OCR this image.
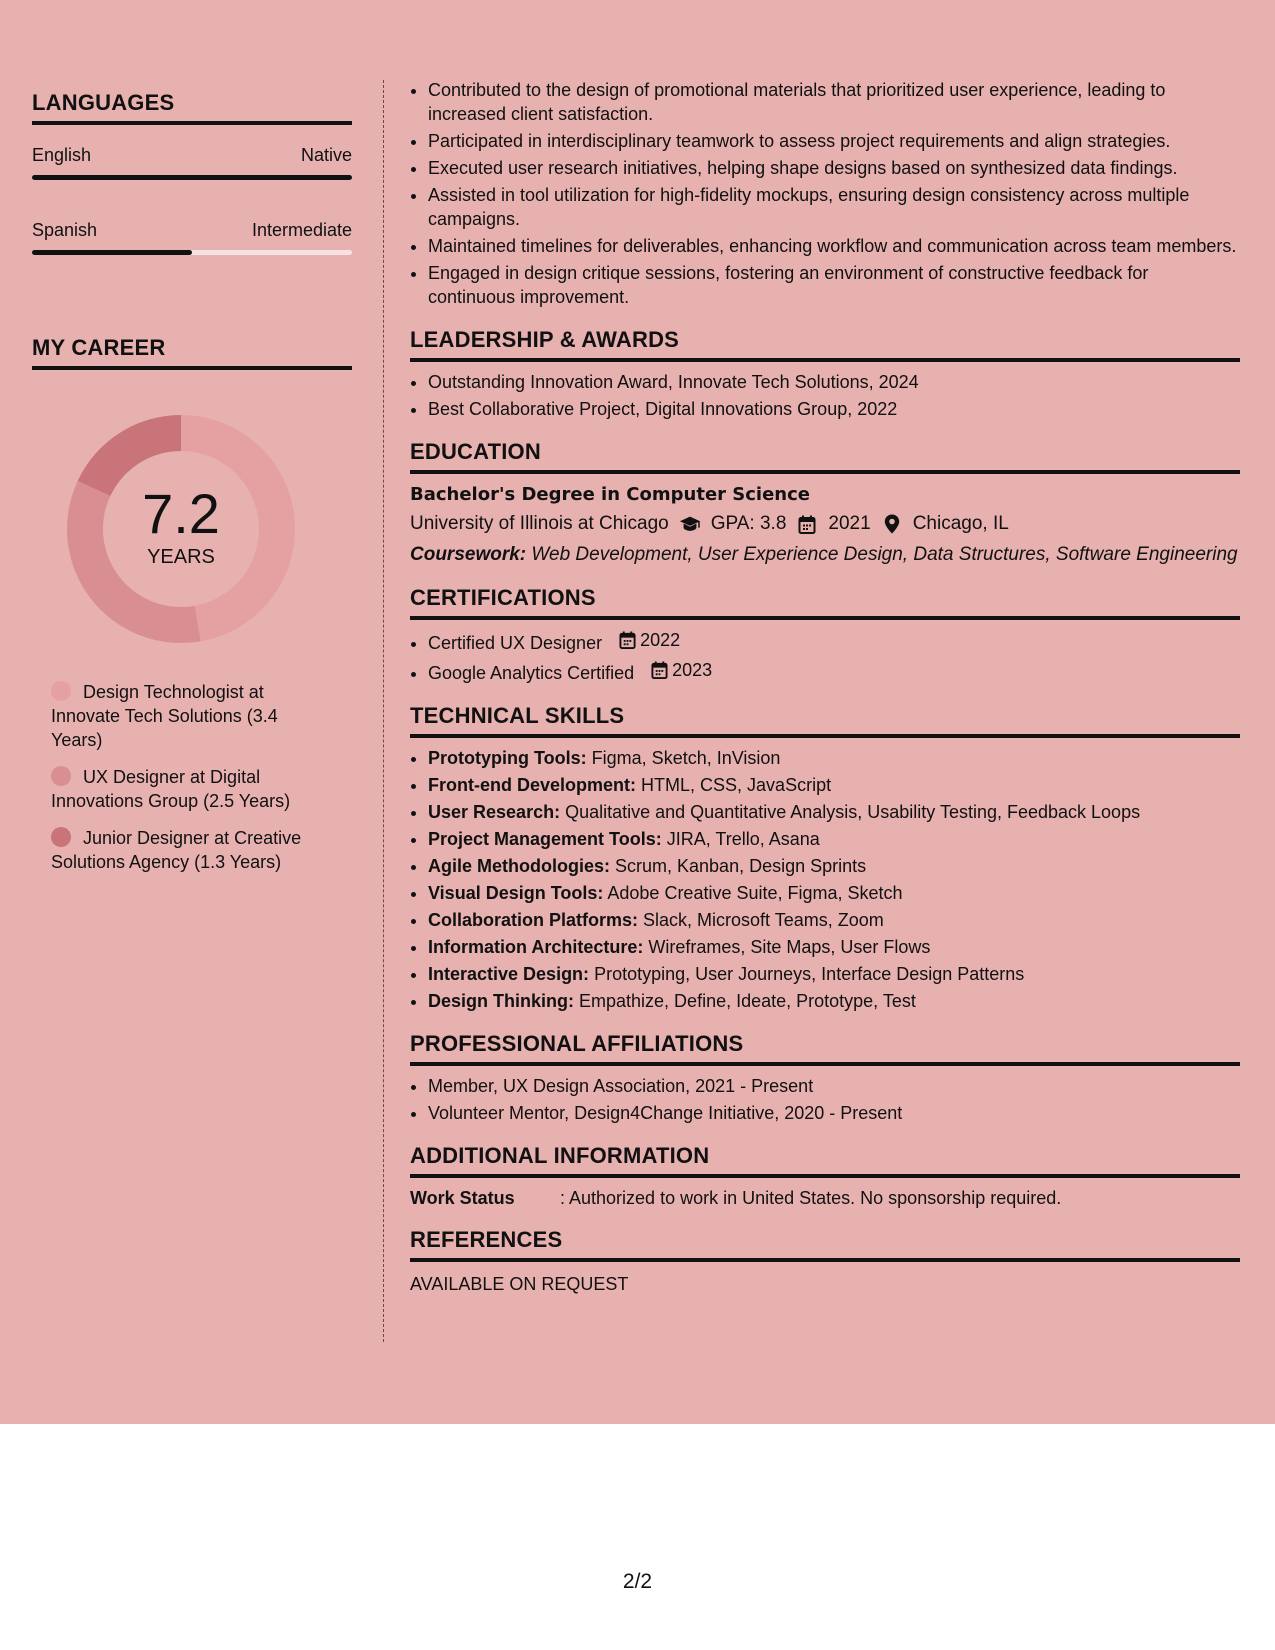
LANGUAGES
English	Native
Spanish	Intermediate
MY CAREER
7.2
YEARS
Design Technologist at Innovate Tech Solutions (3.4 Years)
UX Designer at Digital Innovations Group (2.5 Years)
Junior Designer at Creative Solutions Agency (1.3 Years)
• Contributed to the design of promotional materials that prioritized user experience, leading to increased client satisfaction.
• Participated in interdisciplinary teamwork to assess project requirements and align strategies.
• Executed user research initiatives, helping shape designs based on synthesized data findings.
• Assisted in tool utilization for high-fidelity mockups, ensuring design consistency across multiple campaigns.
• Maintained timelines for deliverables, enhancing workflow and communication across team members.
• Engaged in design critique sessions, fostering an environment of constructive feedback for continuous improvement.
LEADERSHIP & AWARDS
• Outstanding Innovation Award, Innovate Tech Solutions, 2024
• Best Collaborative Project, Digital Innovations Group, 2022
EDUCATION
Bachelor's Degree in Computer Science
University of Illinois at Chicago GPA: 3.8 2021 Chicago, IL
Coursework: Web Development, User Experience Design, Data Structures, Software Engineering
CERTIFICATIONS
• Certified UX Designer 2022
• Google Analytics Certified 2023
TECHNICAL SKILLS
• Prototyping Tools: Figma, Sketch, InVision
• Front-end Development: HTML, CSS, JavaScript
• User Research: Qualitative and Quantitative Analysis, Usability Testing, Feedback Loops
• Project Management Tools: JIRA, Trello, Asana
• Agile Methodologies: Scrum, Kanban, Design Sprints
• Visual Design Tools: Adobe Creative Suite, Figma, Sketch
• Collaboration Platforms: Slack, Microsoft Teams, Zoom
• Information Architecture: Wireframes, Site Maps, User Flows
• Interactive Design: Prototyping, User Journeys, Interface Design Patterns
• Design Thinking: Empathize, Define, Ideate, Prototype, Test
PROFESSIONAL AFFILIATIONS
• Member, UX Design Association, 2021 - Present
• Volunteer Mentor, Design4Change Initiative, 2020 - Present
ADDITIONAL INFORMATION
Work Status	: Authorized to work in United States. No sponsorship required.
REFERENCES
AVAILABLE ON REQUEST
2/2
